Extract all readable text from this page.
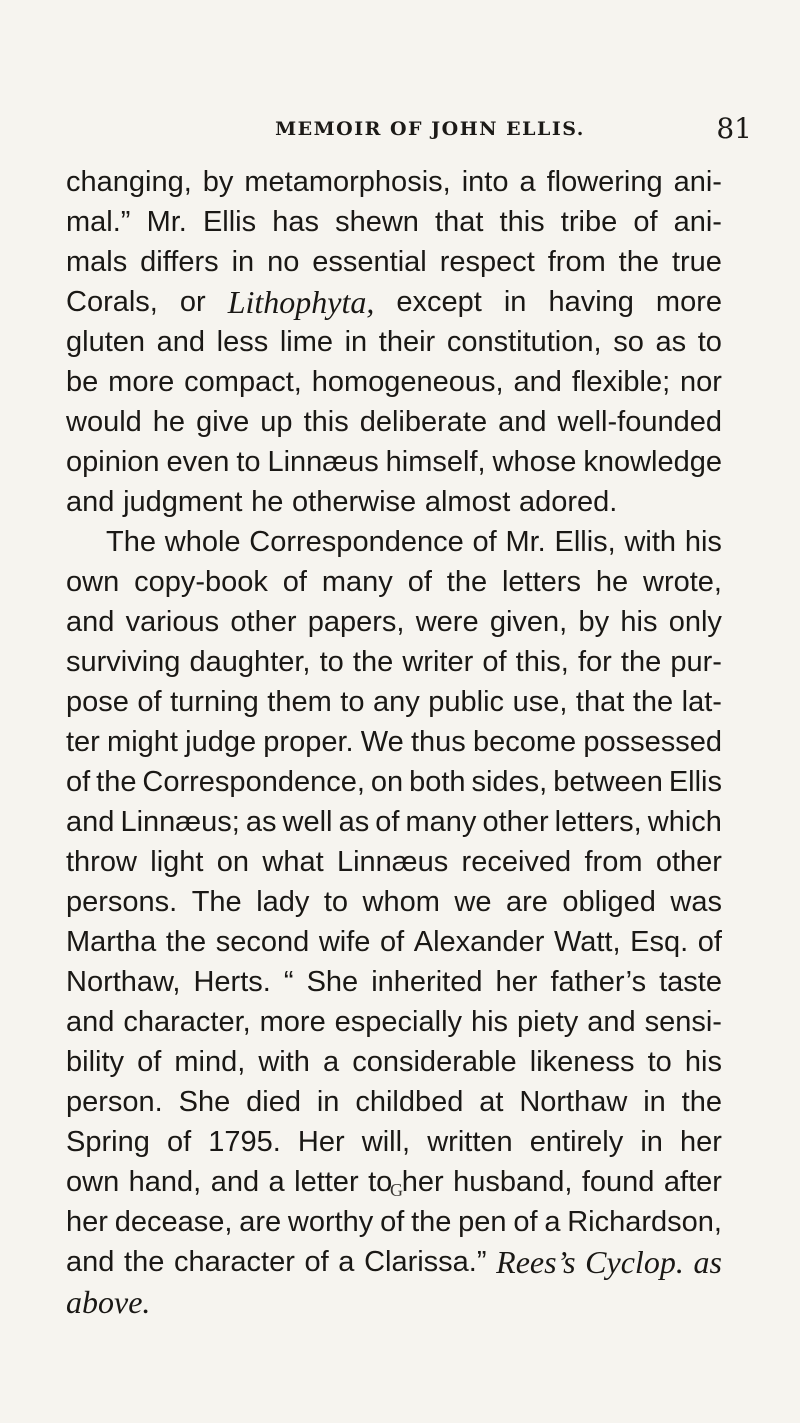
MEMOIR OF JOHN ELLIS.	81
changing, by metamorphosis, into a flowering ani-
mal.” Mr. Ellis has shewn that this tribe of ani-
mals differs in no essential respect from the true
Corals, or Lithophyta, except in having more
gluten and less lime in their constitution, so as to
be more compact, homogeneous, and flexible; nor
would he give up this deliberate and well-founded
opinion even to Linnæus himself, whose knowledge
and judgment he otherwise almost adored.
The whole Correspondence of Mr. Ellis, with his
own copy-book of many of the letters he wrote,
and various other papers, were given, by his only
surviving daughter, to the writer of this, for the pur-
pose of turning them to any public use, that the lat-
ter might judge proper. We thus become possessed
of the Correspondence, on both sides, between Ellis
and Linnæus; as well as of many other letters, which
throw light on what Linnæus received from other
persons. The lady to whom we are obliged was
Martha the second wife of Alexander Watt, Esq. of
Northaw, Herts. “ She inherited her father’s taste
and character, more especially his piety and sensi-
bility of mind, with a considerable likeness to his
person. She died in childbed at Northaw in the
Spring of 1795. Her will, written entirely in her
own hand, and a letter to her husband, found after
her decease, are worthy of the pen of a Richardson,
and the character of a Clarissa.” Rees’s Cyclop. as
above.
G
